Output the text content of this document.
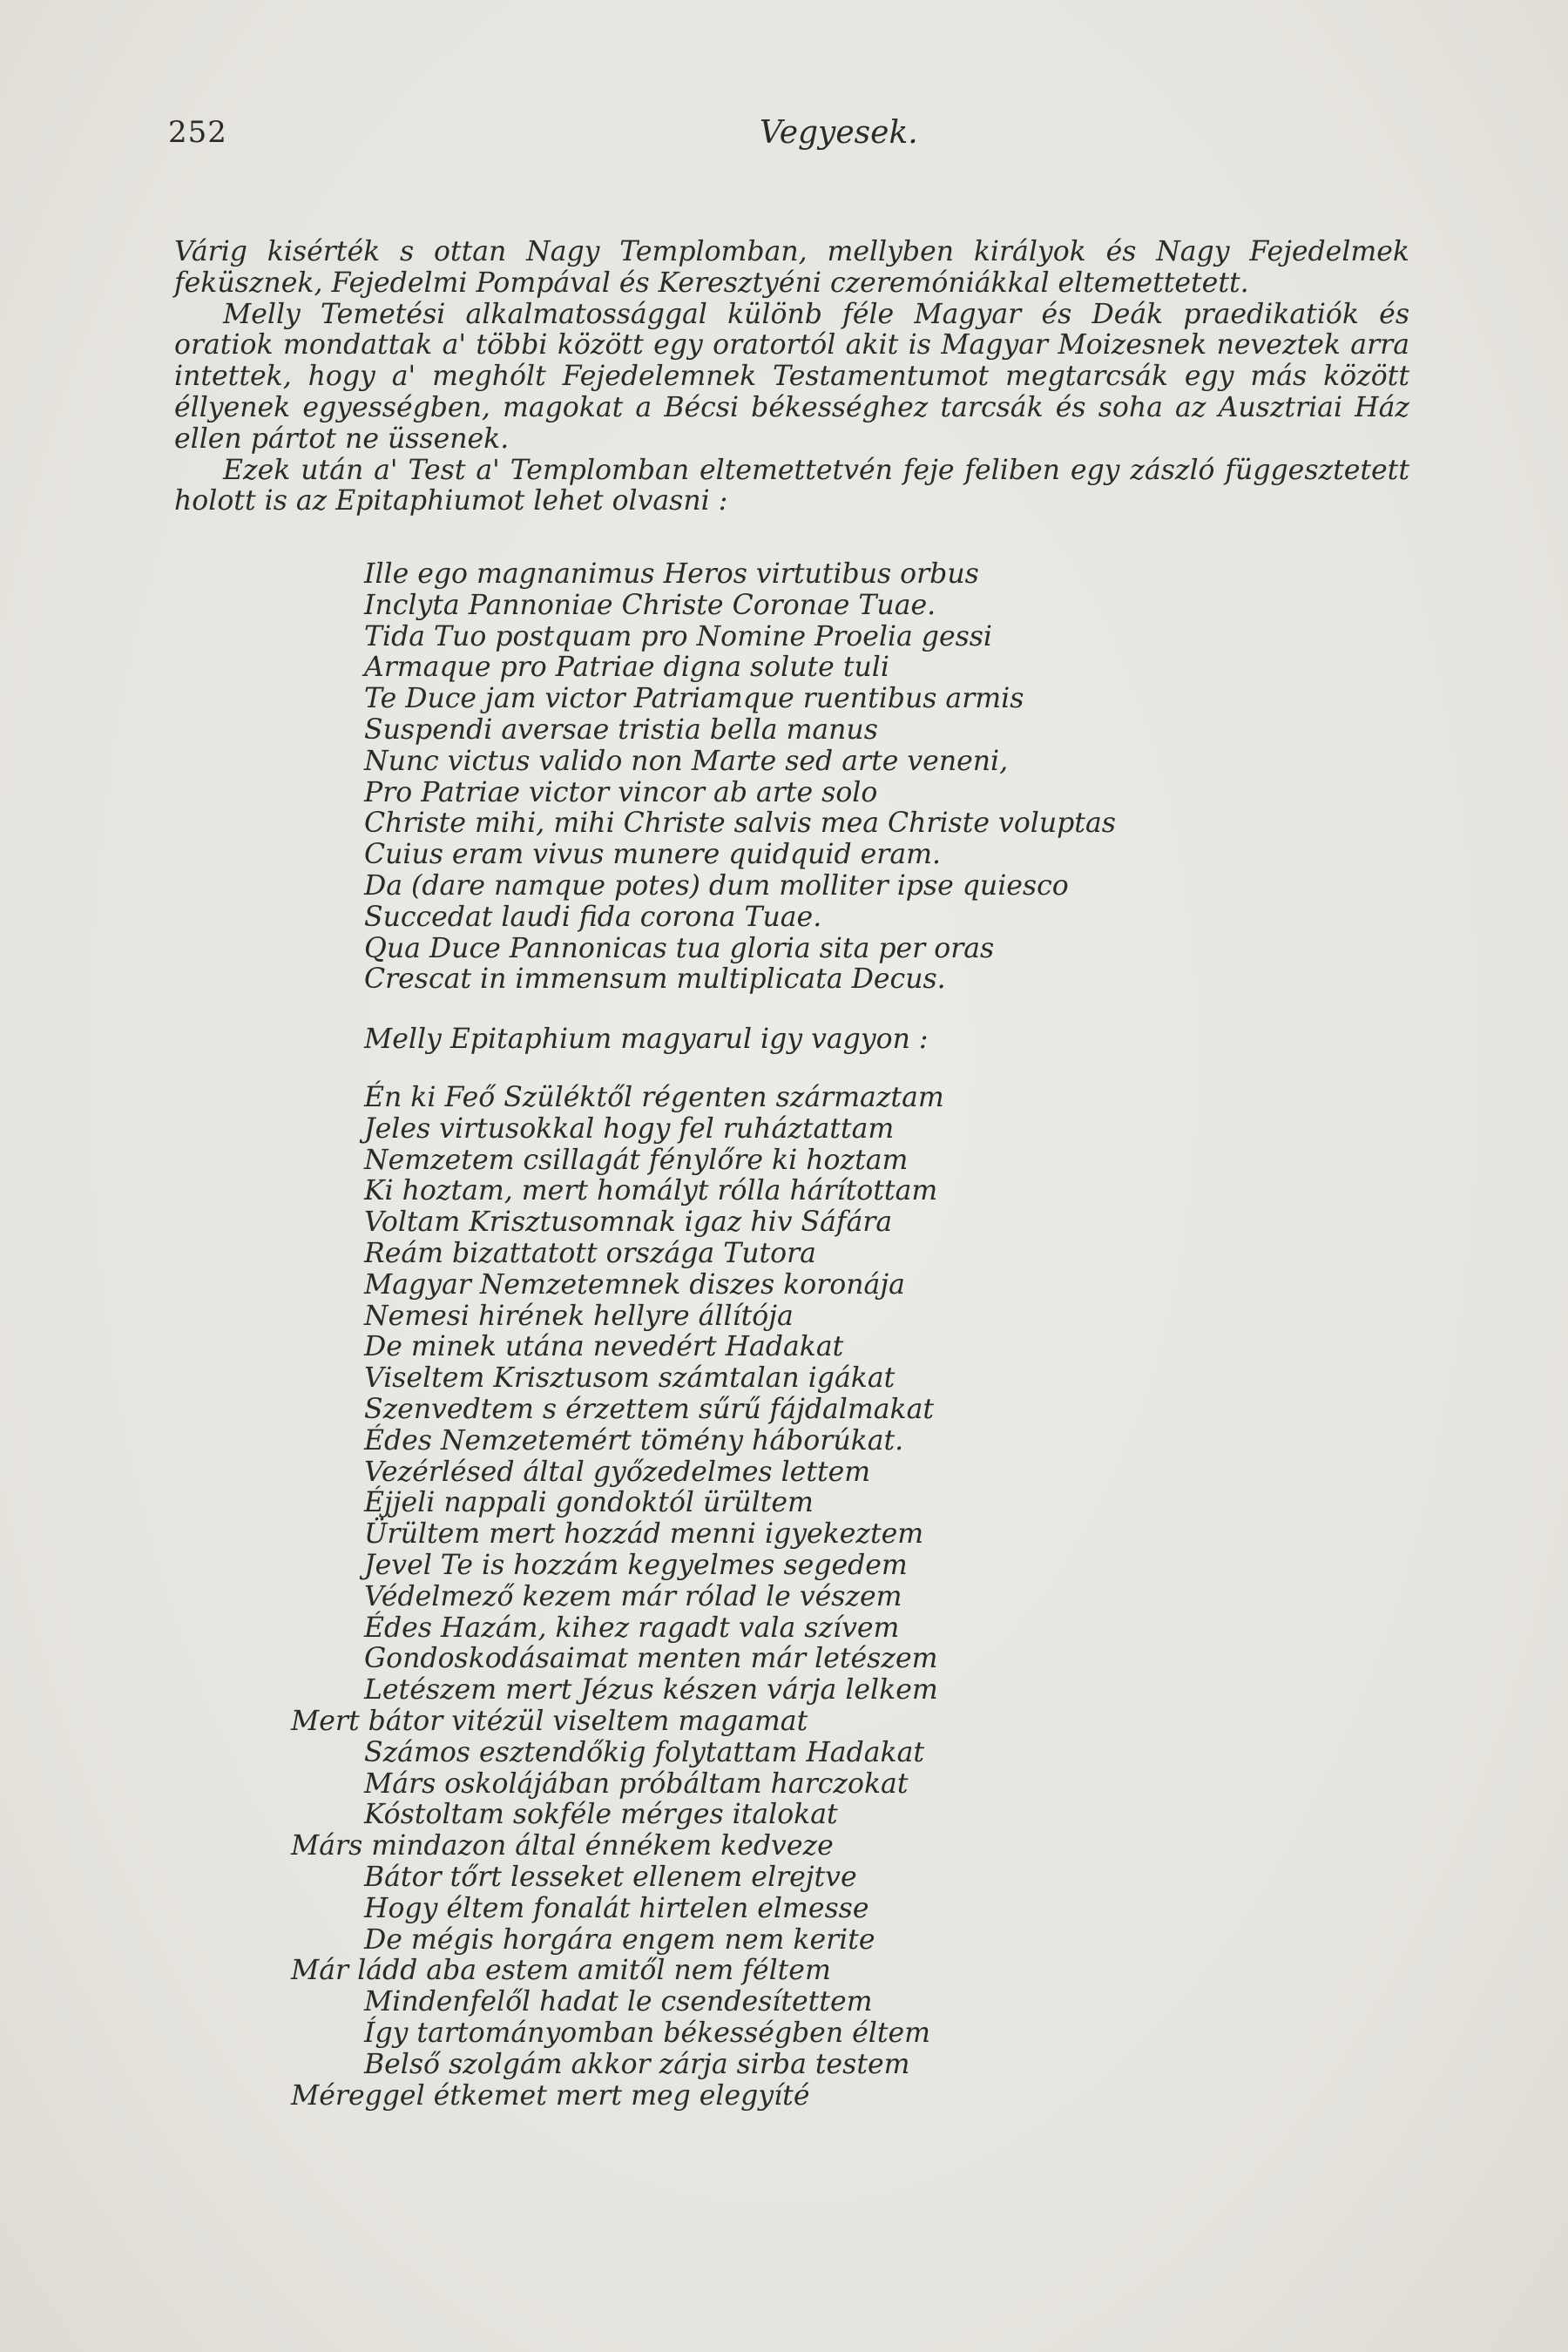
252	Vegyesek.

Várig kisérték s ottan Nagy Templomban, mellyben királyok és Nagy Fejedelmek feküsznek, Fejedelmi Pompával és Keresztyéni czeremóniákkal eltemettetett.

Melly Temetési alkalmatossággal különb féle Magyar és Deák praedikatiók és oratiok mondattak a' többi között egy oratortól akit is Magyar Moizesnek neveztek arra intettek, hogy a' meghólt Fejedelemnek Testamentumot megtarcsák egy más között éllyenek egyességben, magokat a Bécsi békességhez tarcsák és soha az Ausztriai Ház ellen pártot ne üssenek.

Ezek után a' Test a' Templomban eltemettetvén feje feliben egy zászló függesztetett holott is az Epitaphiumot lehet olvasni :

Ille ego magnanimus Heros virtutibus orbus
Inclyta Pannoniae Christe Coronae Tuae.
Tida Tuo postquam pro Nomine Proelia gessi
Armaque pro Patriae digna solute tuli
Te Duce jam victor Patriamque ruentibus armis
Suspendi aversae tristia bella manus
Nunc victus valido non Marte sed arte veneni,
Pro Patriae victor vincor ab arte solo
Christe mihi, mihi Christe salvis mea Christe voluptas
Cuius eram vivus munere quidquid eram.
Da (dare namque potes) dum molliter ipse quiesco
Succedat laudi fida corona Tuae.
Qua Duce Pannonicas tua gloria sita per oras
Crescat in immensum multiplicata Decus.
Melly Epitaphium magyarul igy vagyon :
Én ki Feő Szüléktől régenten származtam
Jeles virtusokkal hogy fel ruháztattam
Nemzetem csillagát fénylőre ki hoztam
Ki hoztam, mert homályt rólla hárítottam
Voltam Krisztusomnak igaz hiv Sáfára
Reám bizattatott országa Tutora
Magyar Nemzetemnek diszes koronája
Nemesi hirének hellyre állítója
De minek utána nevedért Hadakat
Viseltem Krisztusom számtalan igákat
Szenvedtem s érzettem sűrű fájdalmakat
Édes Nemzetemért tömény háborúkat.
Vezérlésed által győzedelmes lettem
Éjjeli nappali gondoktól ürültem
Ürültem mert hozzád menni igyekeztem
Jevel Te is hozzám kegyelmes segedem
Védelmező kezem már rólad le vészem
Édes Hazám, kihez ragadt vala szívem
Gondoskodásaimat menten már letészem
Letészem mert Jézus készen várja lelkem
Mert bátor vitézül viseltem magamat
Számos esztendőkig folytattam Hadakat
Márs oskolájában próbáltam harczokat
Kóstoltam sokféle mérges italokat
Márs mindazon által énnékem kedveze
Bátor tőrt lesseket ellenem elrejtve
Hogy éltem fonalát hirtelen elmesse
De mégis horgára engem nem kerite
Már ládd aba estem amitől nem féltem
Mindenfelől hadat le csendesítettem
Így tartományomban békességben éltem
Belső szolgám akkor zárja sirba testem
Méreggel étkemet mert meg elegyíté
